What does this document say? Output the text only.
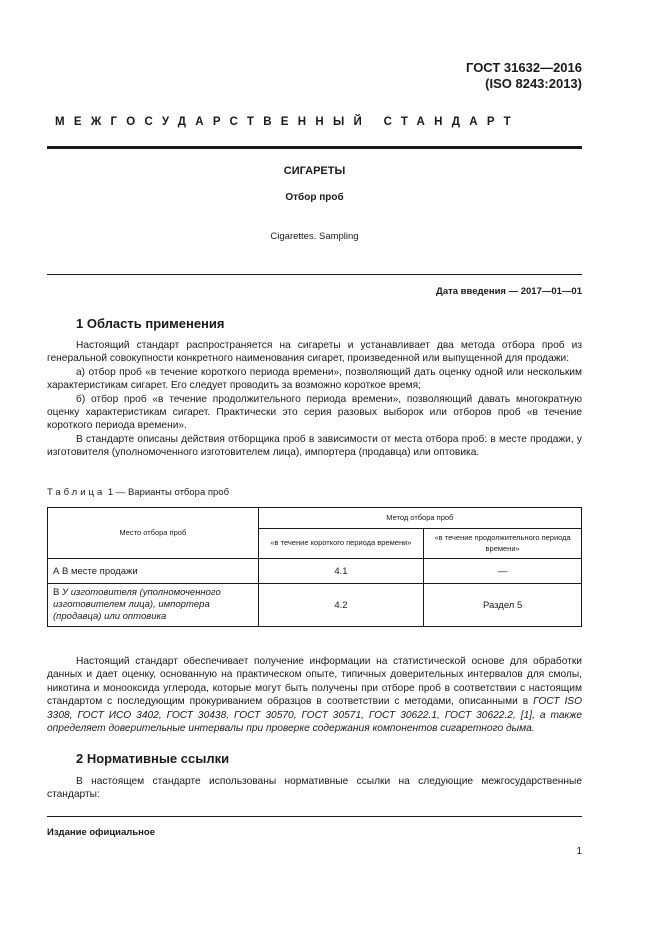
ГОСТ 31632—2016
(ISO 8243:2013)
МЕЖГОСУДАРСТВЕННЫЙ СТАНДАРТ
СИГАРЕТЫ
Отбор проб
Cigarettes. Sampling
Дата введения — 2017—01—01
1 Область применения

Настоящий стандарт распространяется на сигареты и устанавливает два метода отбора проб из генеральной совокупности конкретного наименования сигарет, произведенной или выпущенной для продажи:

а) отбор проб «в течение короткого периода времени», позволяющий дать оценку одной или нескольким характеристикам сигарет. Его следует проводить за возможно короткое время;

б) отбор проб «в течение продолжительного периода времени», позволяющий давать многократную оценку характеристикам сигарет. Практически это серия разовых выборок или отборов проб «в течение короткого периода времени».

В стандарте описаны действия отборщика проб в зависимости от места отбора проб: в месте продажи, у изготовителя (уполномоченного изготовителем лица), импортера (продавца) или оптовика.

Таблица 1 — Варианты отбора проб
Место отбора проб	Метод отбора проб	
	«в течение короткого периода времени»	«в течение продолжительного периода времени»
А В месте продажи	4.1	—
В У изготовителя (уполномоченного изготовителем лица), импортера (продавца) или оптовика	4.2	Раздел 5

Настоящий стандарт обеспечивает получение информации на статистической основе для обработки данных и дает оценку, основанную на практическом опыте, типичных доверительных интервалов для смолы, никотина и монооксида углерода, которые могут быть получены при отборе проб в соответствии с настоящим стандартом с последующим прокуриванием образцов в соответствии с методами, описанными в ГОСТ ISO 3308, ГОСТ ИСО 3402, ГОСТ 30438, ГОСТ 30570, ГОСТ 30571, ГОСТ 30622.1, ГОСТ 30622.2, [1], а также определяет доверительные интервалы при проверке содержания компонентов сигаретного дыма.

2 Нормативные ссылки

В настоящем стандарте использованы нормативные ссылки на следующие межгосударственные стандарты:

Издание официальное
1
